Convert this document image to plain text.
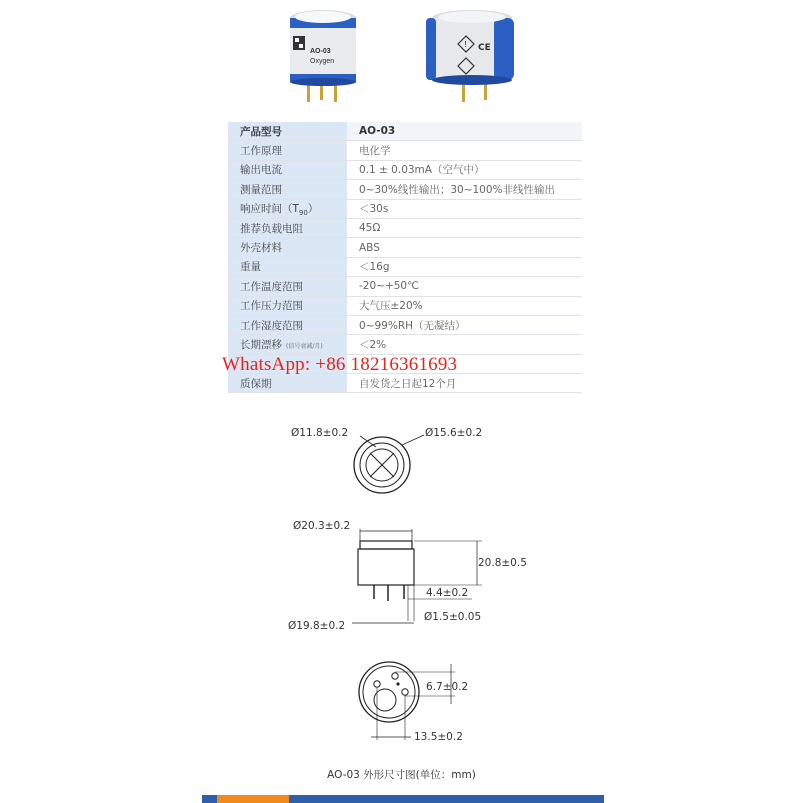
AO-03
Oxygen
! CE
产品型号	AO-03
工作原理	电化学
输出电流	0.1 ± 0.03mA（空气中）
测量范围	0~30%线性输出；30~100%非线性输出
响应时间$(T_{90})$	＜30s
推荐负载电阻	45Ω
外壳材料	ABS
重量	＜16g
工作温度范围	-20~+50℃
工作压力范围	大气压±20%
工作湿度范围	0~99%RH（无凝结）
长期漂移 (信号衰减/月)	＜2%

质保期	自发货之日起12个月
WhatsApp: +86 18216361693
Ø11.8±0.2	Ø15.6±0.2
Ø20.3±0.2
20.8±0.5
4.4±0.2
Ø1.5±0.05
Ø19.8±0.2
6.7±0.2
13.5±0.2
AO-03 外形尺寸图(单位：mm)
